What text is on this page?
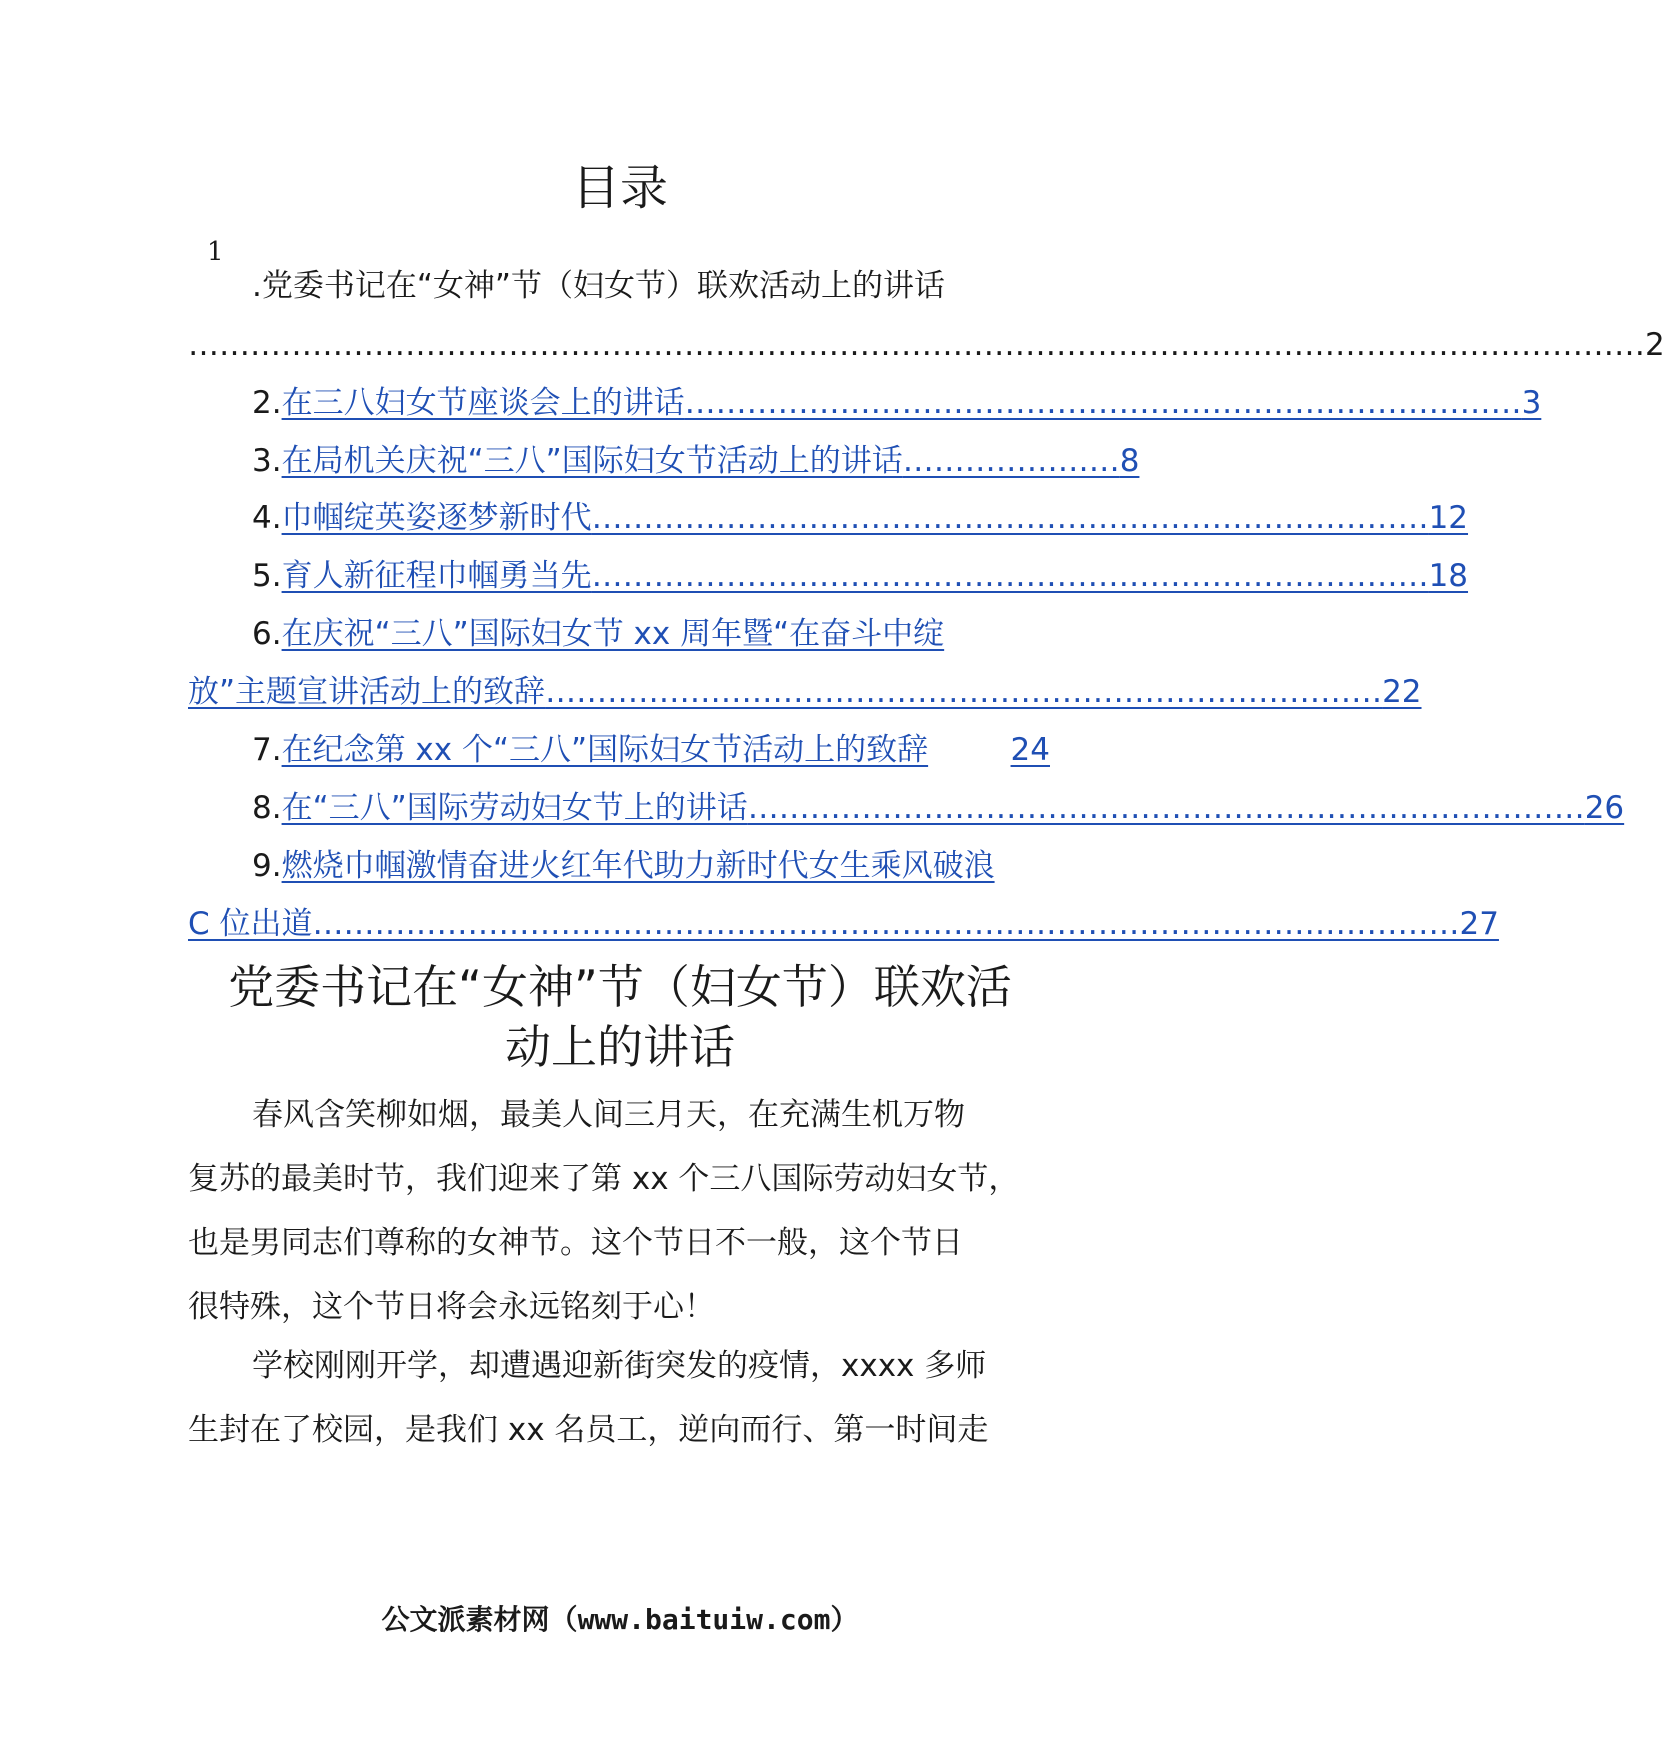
目录
1
.党委书记在“女神”节（妇女节）联欢活动上的讲话
…………………………………………………………………………………………………………………………… 2
2. 在三八妇女节座谈会上的讲话 ……………………………………………………………………… 3
3. 在局机关庆祝“三八”国际妇女节活动上的讲话 ………………… 8
4. 巾帼绽英姿逐梦新时代 ……………………………………………………………………… 12
5. 育人新征程巾帼勇当先 ……………………………………………………………………… 18
6.在庆祝“三八”国际妇女节 xx 周年暨“在奋斗中绽
放”主题宣讲活动上的致辞 ……………………………………………………………………… 22
7. 在纪念第 xx 个“三八”国际妇女节活动上的致辞	24
8. 在“三八”国际劳动妇女节上的讲话 ……………………………………………………………………… 26
9.燃烧巾帼激情奋进火红年代助力新时代女生乘风破浪
C 位出道 ………………………………………………………………………………………………… 27
党委书记在“女神”节（妇女节）联欢活
动上的讲话
春风含笑柳如烟，最美人间三月天，在充满生机万物
复苏的最美时节，我们迎来了第 xx 个三八国际劳动妇女节，
也是男同志们尊称的女神节。这个节日不一般，这个节日
很特殊，这个节日将会永远铭刻于心！
学校刚刚开学，却遭遇迎新街突发的疫情，xxxx 多师
生封在了校园，是我们 xx 名员工，逆向而行、第一时间走
公文派素材网（www.baituiw.com）
